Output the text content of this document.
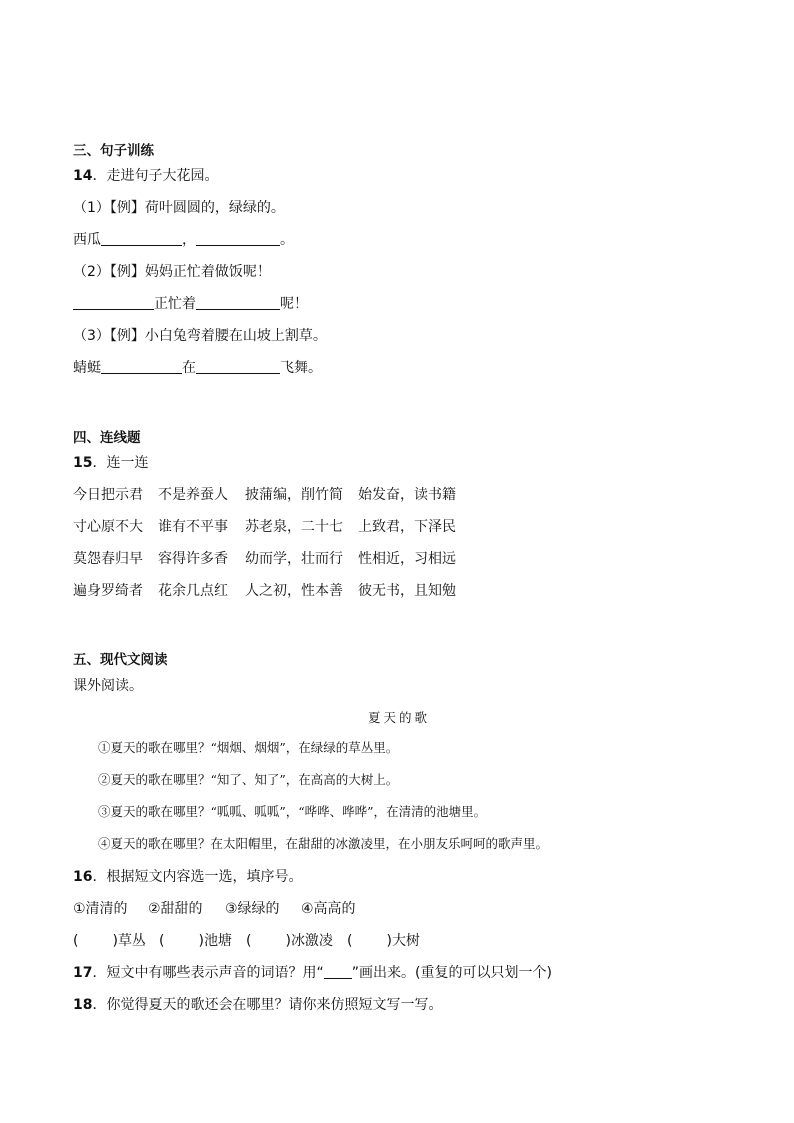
三、句子训练
14．走进句子大花园。
（1）【例】荷叶圆圆的，绿绿的。
西瓜	，	。
（2）【例】妈妈正忙着做饭呢！
正忙着	呢！
（3）【例】小白兔弯着腰在山坡上割草。
蜻蜓	在	飞舞。
四、连线题
15．连一连
今日把示君 不是养蚕人 披蒲编，削竹简 始发奋，读书籍
寸心原不大 谁有不平事 苏老泉，二十七 上致君，下泽民
莫怨春归早 容得许多香 幼而学，壮而行 性相近，习相远
遍身罗绮者 花余几点红 人之初，性本善 彼无书，且知勉
五、现代文阅读
课外阅读。
夏天的歌
①夏天的歌在哪里？“烟烟、烟烟”，在绿绿的草丛里。
②夏天的歌在哪里？“知了、知了”，在高高的大树上。
③夏天的歌在哪里？“呱呱、呱呱”，“哗哗、哗哗”，在清清的池塘里。
④夏天的歌在哪里？在太阳帽里，在甜甜的冰激凌里，在小朋友乐呵呵的歌声里。
16．根据短文内容选一选，填序号。
①清清的 ②甜甜的 ③绿绿的 ④高高的
( )草丛 ( )池塘 ( )冰激凌 ( )大树
17．短文中有哪些表示声音的词语？用“ ”画出来。(重复的可以只划一个)
18．你觉得夏天的歌还会在哪里？请你来仿照短文写一写。
